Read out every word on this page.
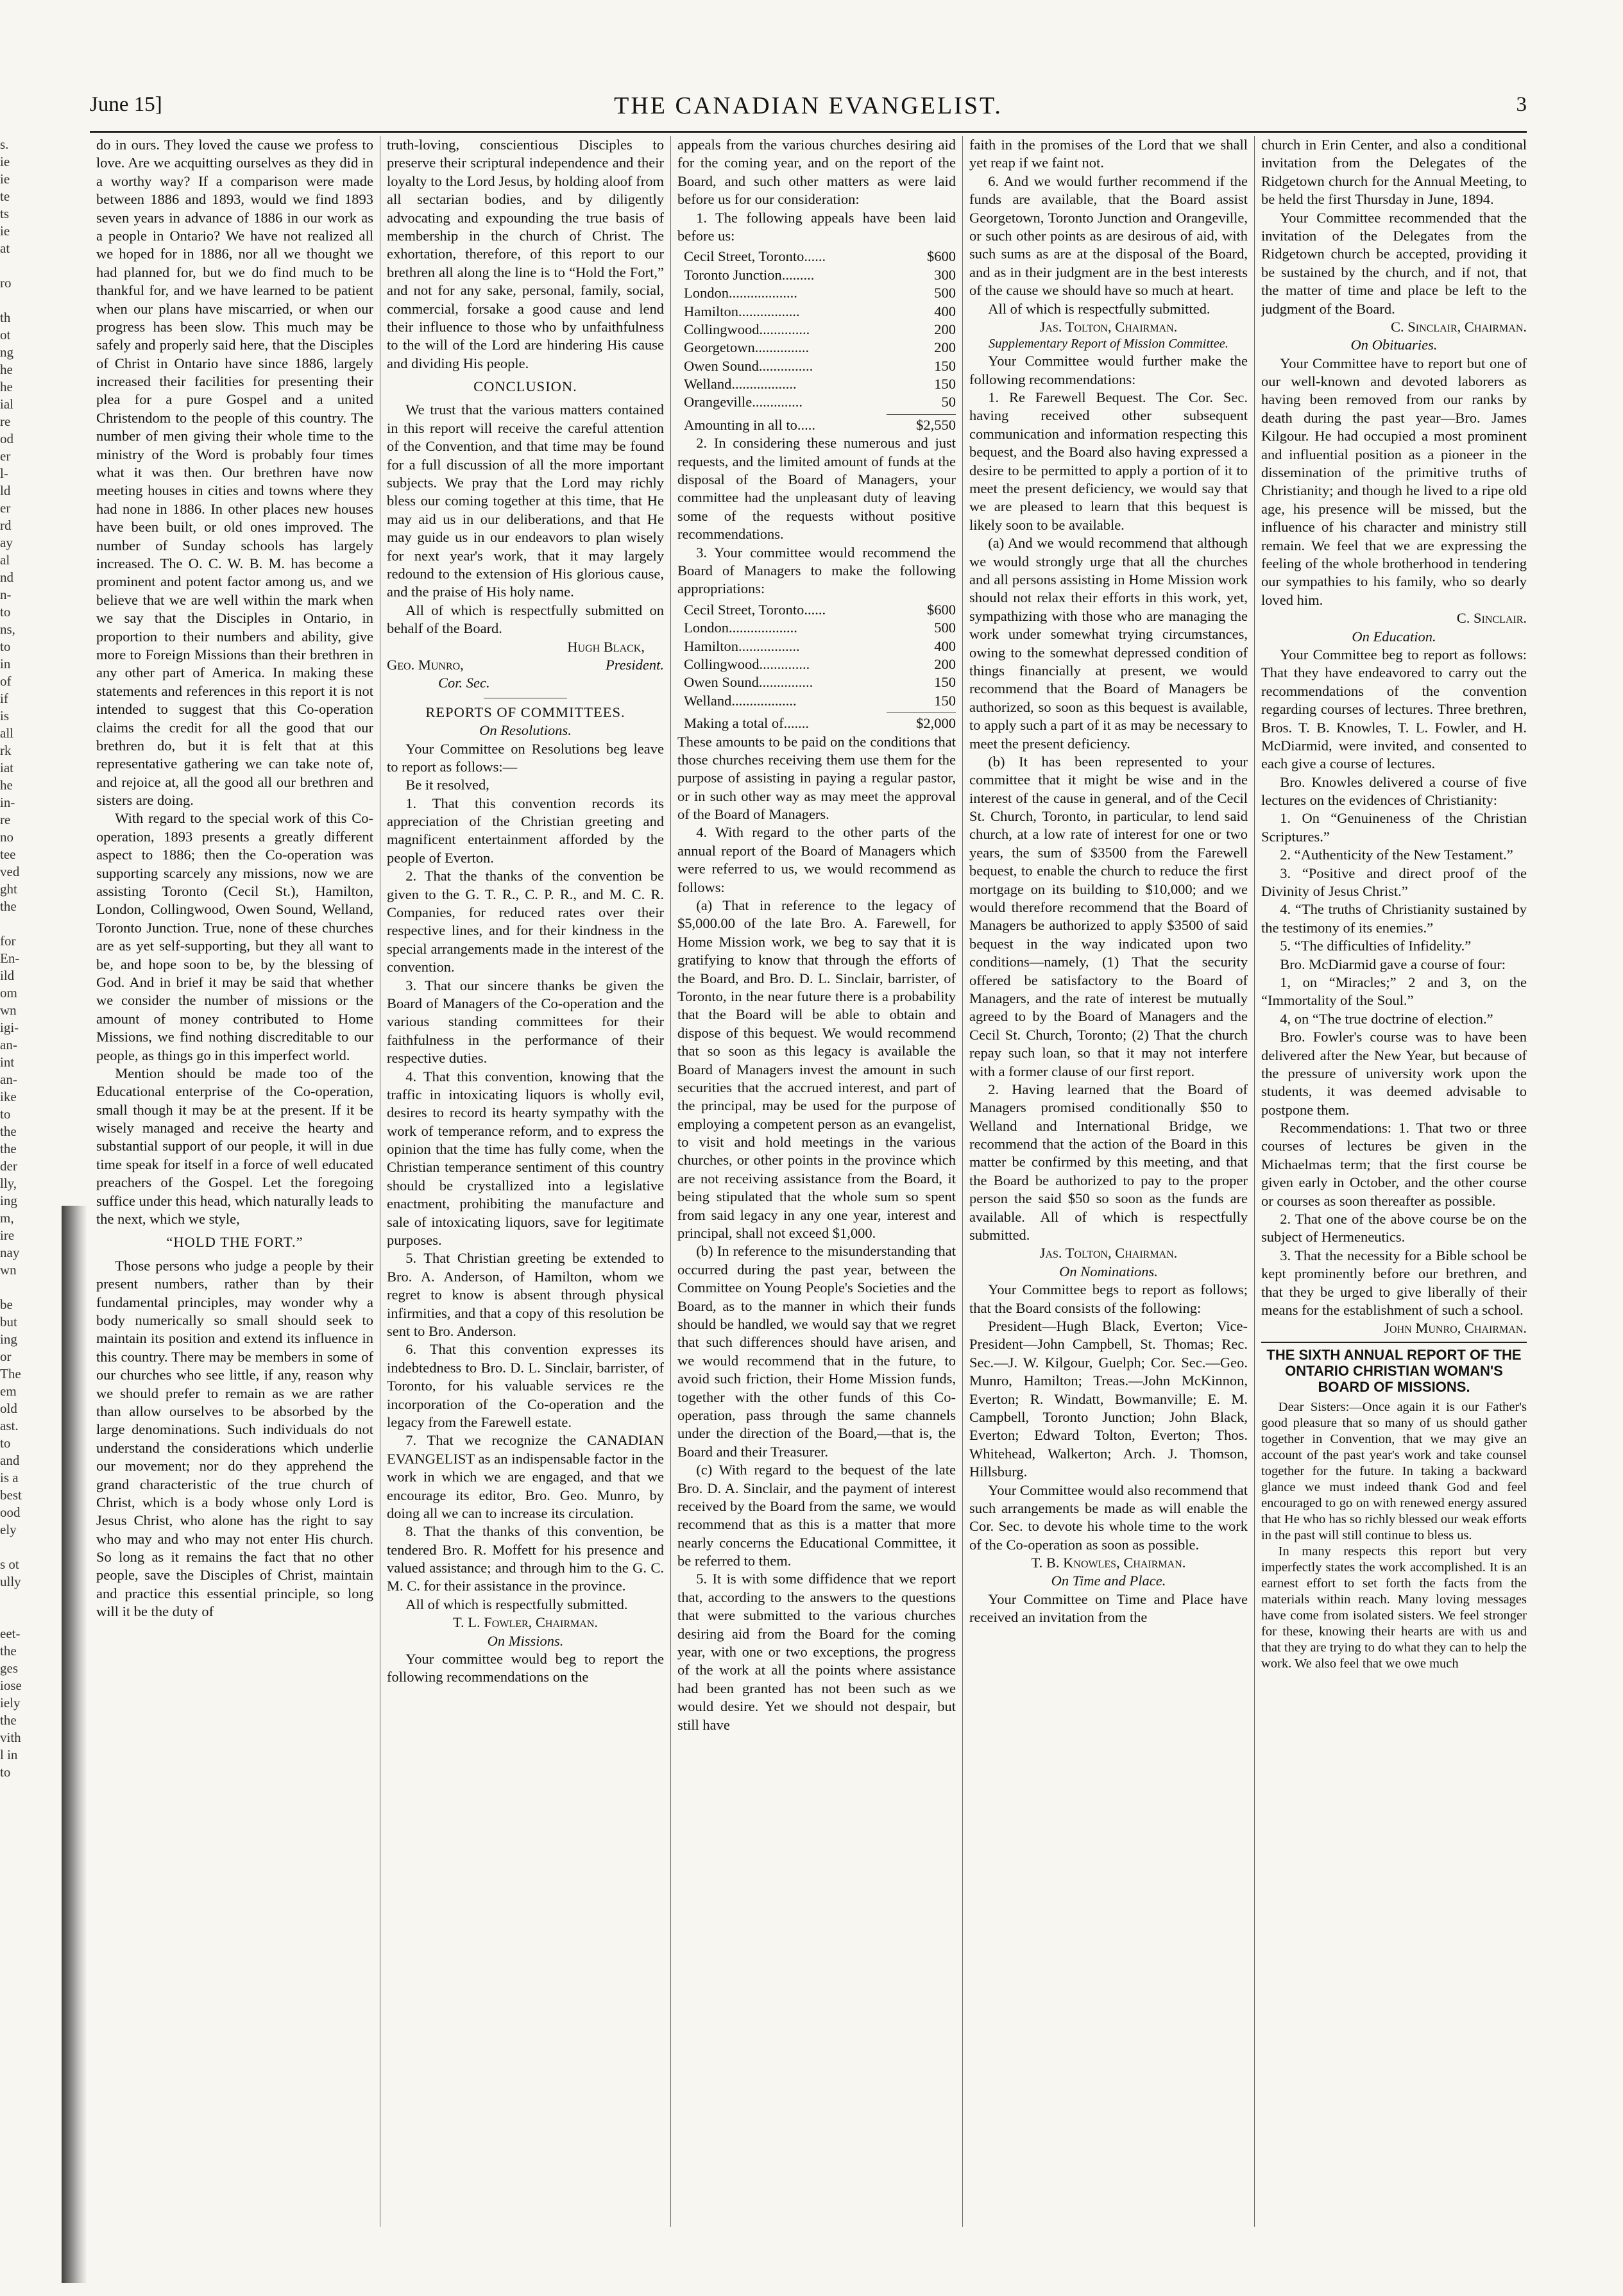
June 15]	THE CANADIAN EVANGELIST.	3
s.
ie
ie
te
ts
ie
at
ro
th
ot
ng
he
he
ial
re
od
er
l-
ld
er
rd
ay
al
nd
n-
to
ns,
to
in
of
if
is
all
rk
iat
he
in-
re
no
tee
ved
ght
the
for
En-
ild
om
wn
igi-
an-
int
an-
ike
to
the
the
der
lly,
ing
m,
ire
nay
wn
be
but
ing
or
The
em
old
ast.
to
and
is a
best
ood
ely
s ot
ully
eet-
the
ges
iose
iely
the
vith
l in
to

do in ours. They loved the cause we profess to love. Are we acquitting ourselves as they did in a worthy way? If a comparison were made between 1886 and 1893, would we find 1893 seven years in advance of 1886 in our work as a people in Ontario? We have not realized all we hoped for in 1886, nor all we thought we had planned for, but we do find much to be thankful for, and we have learned to be patient when our plans have miscarried, or when our progress has been slow. This much may be safely and properly said here, that the Disciples of Christ in Ontario have since 1886, largely increased their facilities for presenting their plea for a pure Gospel and a united Christendom to the people of this country. The number of men giving their whole time to the ministry of the Word is probably four times what it was then. Our brethren have now meeting houses in cities and towns where they had none in 1886. In other places new houses have been built, or old ones improved. The number of Sunday schools has largely increased. The O. C. W. B. M. has become a prominent and potent factor among us, and we believe that we are well within the mark when we say that the Disciples in Ontario, in proportion to their numbers and ability, give more to Foreign Missions than their brethren in any other part of America. In making these statements and references in this report it is not intended to suggest that this Co-operation claims the credit for all the good that our brethren do, but it is felt that at this representative gathering we can take note of, and rejoice at, all the good all our brethren and sisters are doing.

With regard to the special work of this Co-operation, 1893 presents a greatly different aspect to 1886; then the Co-operation was supporting scarcely any missions, now we are assisting Toronto (Cecil St.), Hamilton, London, Collingwood, Owen Sound, Welland, Toronto Junction. True, none of these churches are as yet self-supporting, but they all want to be, and hope soon to be, by the blessing of God. And in brief it may be said that whether we consider the number of missions or the amount of money contributed to Home Missions, we find nothing discreditable to our people, as things go in this imperfect world.

Mention should be made too of the Educational enterprise of the Co-operation, small though it may be at the present. If it be wisely managed and receive the hearty and substantial support of our people, it will in due time speak for itself in a force of well educated preachers of the Gospel. Let the foregoing suffice under this head, which naturally leads to the next, which we style,

“HOLD THE FORT.”

Those persons who judge a people by their present numbers, rather than by their fundamental principles, may wonder why a body numerically so small should seek to maintain its position and extend its influence in this country. There may be members in some of our churches who see little, if any, reason why we should prefer to remain as we are rather than allow ourselves to be absorbed by the large denominations. Such individuals do not understand the considerations which underlie our movement; nor do they apprehend the grand characteristic of the true church of Christ, which is a body whose only Lord is Jesus Christ, who alone has the right to say who may and who may not enter His church. So long as it remains the fact that no other people, save the Disciples of Christ, maintain and practice this essential principle, so long will it be the duty of

truth-loving, conscientious Disciples to preserve their scriptural independence and their loyalty to the Lord Jesus, by holding aloof from all sectarian bodies, and by diligently advocating and expounding the true basis of membership in the church of Christ. The exhortation, therefore, of this report to our brethren all along the line is to “Hold the Fort,” and not for any sake, personal, family, social, commercial, forsake a good cause and lend their influence to those who by unfaithfulness to the will of the Lord are hindering His cause and dividing His people.

CONCLUSION.

We trust that the various matters contained in this report will receive the careful attention of the Convention, and that time may be found for a full discussion of all the more important subjects. We pray that the Lord may richly bless our coming together at this time, that He may aid us in our deliberations, and that He may guide us in our endeavors to plan wisely for next year's work, that it may largely redound to the extension of His glorious cause, and the praise of His holy name.

All of which is respectfully submitted on behalf of the Board.

Hugh Black,

Geo. Munro,	President.

Cor. Sec.

REPORTS OF COMMITTEES.

On Resolutions.

Your Committee on Resolutions beg leave to report as follows:—

Be it resolved,

1. That this convention records its appreciation of the Christian greeting and magnificent entertainment afforded by the people of Everton.

2. That the thanks of the convention be given to the G. T. R., C. P. R., and M. C. R. Companies, for reduced rates over their respective lines, and for their kindness in the special arrangements made in the interest of the convention.

3. That our sincere thanks be given the Board of Managers of the Co-operation and the various standing committees for their faithfulness in the performance of their respective duties.

4. That this convention, knowing that the traffic in intoxicating liquors is wholly evil, desires to record its hearty sympathy with the work of temperance reform, and to express the opinion that the time has fully come, when the Christian temperance sentiment of this country should be crystallized into a legislative enactment, prohibiting the manufacture and sale of intoxicating liquors, save for legitimate purposes.

5. That Christian greeting be extended to Bro. A. Anderson, of Hamilton, whom we regret to know is absent through physical infirmities, and that a copy of this resolution be sent to Bro. Anderson.

6. That this convention expresses its indebtedness to Bro. D. L. Sinclair, barrister, of Toronto, for his valuable services re the incorporation of the Co-operation and the legacy from the Farewell estate.

7. That we recognize the CANADIAN EVANGELIST as an indispensable factor in the work in which we are engaged, and that we encourage its editor, Bro. Geo. Munro, by doing all we can to increase its circulation.

8. That the thanks of this convention, be tendered Bro. R. Moffett for his presence and valued assistance; and through him to the G. C. M. C. for their assistance in the province.

All of which is respectfully submitted.

T. L. Fowler, Chairman.

On Missions.

Your committee would beg to report the following recommendations on the

appeals from the various churches desiring aid for the coming year, and on the report of the Board, and such other matters as were laid before us for our consideration:

1. The following appeals have been laid before us:

Cecil Street, Toronto......	$600
Toronto Junction.........	300
London...................	500
Hamilton.................	400
Collingwood..............	200
Georgetown...............	200
Owen Sound...............	150
Welland..................	150
Orangeville..............	50
Amounting in all to.....	$2,550

2. In considering these numerous and just requests, and the limited amount of funds at the disposal of the Board of Managers, your committee had the unpleasant duty of leaving some of the requests without positive recommendations.

3. Your committee would recommend the Board of Managers to make the following appropriations:

Cecil Street, Toronto......	$600
London...................	500
Hamilton.................	400
Collingwood..............	200
Owen Sound...............	150
Welland..................	150
Making a total of.......	$2,000

These amounts to be paid on the conditions that those churches receiving them use them for the purpose of assisting in paying a regular pastor, or in such other way as may meet the approval of the Board of Managers.

4. With regard to the other parts of the annual report of the Board of Managers which were referred to us, we would recommend as follows:

(a) That in reference to the legacy of $5,000.00 of the late Bro. A. Farewell, for Home Mission work, we beg to say that it is gratifying to know that through the efforts of the Board, and Bro. D. L. Sinclair, barrister, of Toronto, in the near future there is a probability that the Board will be able to obtain and dispose of this bequest. We would recommend that so soon as this legacy is available the Board of Managers invest the amount in such securities that the accrued interest, and part of the principal, may be used for the purpose of employing a competent person as an evangelist, to visit and hold meetings in the various churches, or other points in the province which are not receiving assistance from the Board, it being stipulated that the whole sum so spent from said legacy in any one year, interest and principal, shall not exceed $1,000.

(b) In reference to the misunderstanding that occurred during the past year, between the Committee on Young People's Societies and the Board, as to the manner in which their funds should be handled, we would say that we regret that such differences should have arisen, and we would recommend that in the future, to avoid such friction, their Home Mission funds, together with the other funds of this Co-operation, pass through the same channels under the direction of the Board,—that is, the Board and their Treasurer.

(c) With regard to the bequest of the late Bro. D. A. Sinclair, and the payment of interest received by the Board from the same, we would recommend that as this is a matter that more nearly concerns the Educational Committee, it be referred to them.

5. It is with some diffidence that we report that, according to the answers to the questions that were submitted to the various churches desiring aid from the Board for the coming year, with one or two exceptions, the progress of the work at all the points where assistance had been granted has not been such as we would desire. Yet we should not despair, but still have

faith in the promises of the Lord that we shall yet reap if we faint not.

6. And we would further recommend if the funds are available, that the Board assist Georgetown, Toronto Junction and Orangeville, or such other points as are desirous of aid, with such sums as are at the disposal of the Board, and as in their judgment are in the best interests of the cause we should have so much at heart.

All of which is respectfully submitted.

Jas. Tolton, Chairman.

Supplementary Report of Mission Committee.

Your Committee would further make the following recommendations:

1. Re Farewell Bequest. The Cor. Sec. having received other subsequent communication and information respecting this bequest, and the Board also having expressed a desire to be permitted to apply a portion of it to meet the present deficiency, we would say that we are pleased to learn that this bequest is likely soon to be available.

(a) And we would recommend that although we would strongly urge that all the churches and all persons assisting in Home Mission work should not relax their efforts in this work, yet, sympathizing with those who are managing the work under somewhat trying circumstances, owing to the somewhat depressed condition of things financially at present, we would recommend that the Board of Managers be authorized, so soon as this bequest is available, to apply such a part of it as may be necessary to meet the present deficiency.

(b) It has been represented to your committee that it might be wise and in the interest of the cause in general, and of the Cecil St. Church, Toronto, in particular, to lend said church, at a low rate of interest for one or two years, the sum of $3500 from the Farewell bequest, to enable the church to reduce the first mortgage on its building to $10,000; and we would therefore recommend that the Board of Managers be authorized to apply $3500 of said bequest in the way indicated upon two conditions—namely, (1) That the security offered be satisfactory to the Board of Managers, and the rate of interest be mutually agreed to by the Board of Managers and the Cecil St. Church, Toronto; (2) That the church repay such loan, so that it may not interfere with a former clause of our first report.

2. Having learned that the Board of Managers promised conditionally $50 to Welland and International Bridge, we recommend that the action of the Board in this matter be confirmed by this meeting, and that the Board be authorized to pay to the proper person the said $50 so soon as the funds are available. All of which is respectfully submitted.

Jas. Tolton, Chairman.

On Nominations.

Your Committee begs to report as follows; that the Board consists of the following:

President—Hugh Black, Everton; Vice-President—John Campbell, St. Thomas; Rec. Sec.—J. W. Kilgour, Guelph; Cor. Sec.—Geo. Munro, Hamilton; Treas.—John McKinnon, Everton; R. Windatt, Bowmanville; E. M. Campbell, Toronto Junction; John Black, Everton; Edward Tolton, Everton; Thos. Whitehead, Walkerton; Arch. J. Thomson, Hillsburg.

Your Committee would also recommend that such arrangements be made as will enable the Cor. Sec. to devote his whole time to the work of the Co-operation as soon as possible.

T. B. Knowles, Chairman.

On Time and Place.

Your Committee on Time and Place have received an invitation from the

church in Erin Center, and also a conditional invitation from the Delegates of the Ridgetown church for the Annual Meeting, to be held the first Thursday in June, 1894.

Your Committee recommended that the invitation of the Delegates from the Ridgetown church be accepted, providing it be sustained by the church, and if not, that the matter of time and place be left to the judgment of the Board.

C. Sinclair, Chairman.

On Obituaries.

Your Committee have to report but one of our well-known and devoted laborers as having been removed from our ranks by death during the past year—Bro. James Kilgour. He had occupied a most prominent and influential position as a pioneer in the dissemination of the primitive truths of Christianity; and though he lived to a ripe old age, his presence will be missed, but the influence of his character and ministry still remain. We feel that we are expressing the feeling of the whole brotherhood in tendering our sympathies to his family, who so dearly loved him.

C. Sinclair.

On Education.

Your Committee beg to report as follows: That they have endeavored to carry out the recommendations of the convention regarding courses of lectures. Three brethren, Bros. T. B. Knowles, T. L. Fowler, and H. McDiarmid, were invited, and consented to each give a course of lectures.

Bro. Knowles delivered a course of five lectures on the evidences of Christianity:

1. On “Genuineness of the Christian Scriptures.”

2. “Authenticity of the New Testament.”

3. “Positive and direct proof of the Divinity of Jesus Christ.”

4. “The truths of Christianity sustained by the testimony of its enemies.”

5. “The difficulties of Infidelity.”

Bro. McDiarmid gave a course of four:

1, on “Miracles;” 2 and 3, on the “Immortality of the Soul.”

4, on “The true doctrine of election.”

Bro. Fowler's course was to have been delivered after the New Year, but because of the pressure of university work upon the students, it was deemed advisable to postpone them.

Recommendations: 1. That two or three courses of lectures be given in the Michaelmas term; that the first course be given early in October, and the other course or courses as soon thereafter as possible.

2. That one of the above course be on the subject of Hermeneutics.

3. That the necessity for a Bible school be kept prominently before our brethren, and that they be urged to give liberally of their means for the establishment of such a school.

John Munro, Chairman.

THE SIXTH ANNUAL REPORT OF THE ONTARIO CHRISTIAN WOMAN'S BOARD OF MISSIONS.

Dear Sisters:—Once again it is our Father's good pleasure that so many of us should gather together in Convention, that we may give an account of the past year's work and take counsel together for the future. In taking a backward glance we must indeed thank God and feel encouraged to go on with renewed energy assured that He who has so richly blessed our weak efforts in the past will still continue to bless us.

In many respects this report but very imperfectly states the work accomplished. It is an earnest effort to set forth the facts from the materials within reach. Many loving messages have come from isolated sisters. We feel stronger for these, knowing their hearts are with us and that they are trying to do what they can to help the work. We also feel that we owe much
